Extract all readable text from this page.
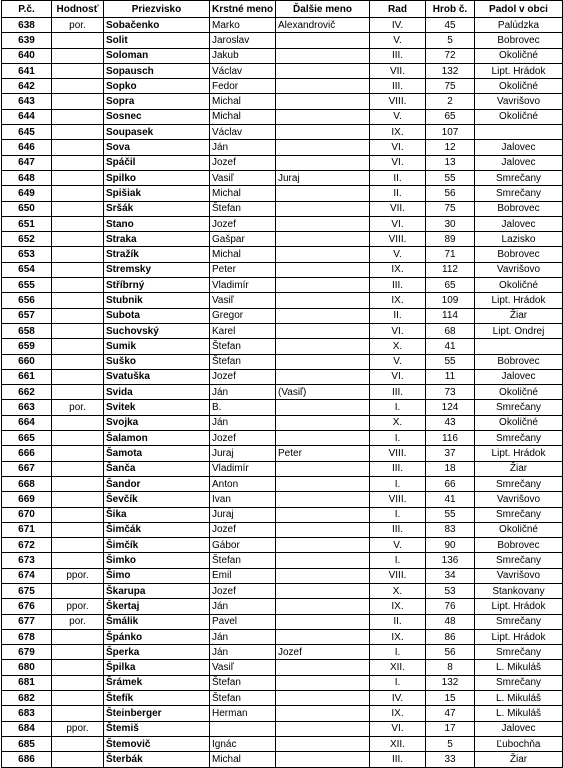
P.č.	Hodnosť	Priezvisko	Krstné meno	Ďalšie meno	Rad	Hrob č.	Padol v obci
638	por.	Sobačenko	Marko	Alexandrovič	IV.	45	Palúdzka
639		Solit	Jaroslav		V.	5	Bobrovec
640		Soloman	Jakub		III.	72	Okoličné
641		Sopausch	Václav		VII.	132	Lipt. Hrádok
642		Sopko	Fedor		III.	75	Okoličné
643		Sopra	Michal		VIII.	2	Vavrišovo
644		Sosnec	Michal		V.	65	Okoličné
645		Soupasek	Václav		IX.	107	
646		Sova	Ján		VI.	12	Jalovec
647		Spáčil	Jozef		VI.	13	Jalovec
648		Spilko	Vasiľ	Juraj	II.	55	Smrečany
649		Spišiak	Michal		II.	56	Smrečany
650		Sršák	Štefan		VII.	75	Bobrovec
651		Stano	Jozef		VI.	30	Jalovec
652		Straka	Gašpar		VIII.	89	Lazisko
653		Stražík	Michal		V.	71	Bobrovec
654		Stremsky	Peter		IX.	112	Vavrišovo
655		Stříbrný	Vladimír		III.	65	Okoličné
656		Stubnik	Vasiľ		IX.	109	Lipt. Hrádok
657		Subota	Gregor		II.	114	Žiar
658		Suchovský	Karel		VI.	68	Lipt. Ondrej
659		Sumik	Štefan		X.	41	
660		Suško	Štefan		V.	55	Bobrovec
661		Svatuška	Jozef		VI.	11	Jalovec
662		Svida	Ján	(Vasiľ)	III.	73	Okoličné
663	por.	Svitek	B.		I.	124	Smrečany
664		Svojka	Ján		X.	43	Okoličné
665		Šalamon	Jozef		I.	116	Smrečany
666		Šamota	Juraj	Peter	VIII.	37	Lipt. Hrádok
667		Šanča	Vladimír		III.	18	Žiar
668		Šandor	Anton		I.	66	Smrečany
669		Ševčík	Ivan		VIII.	41	Vavrišovo
670		Šika	Juraj		I.	55	Smrečany
671		Šimčák	Jozef		III.	83	Okoličné
672		Šimčík	Gábor		V.	90	Bobrovec
673		Šimko	Štefan		I.	136	Smrečany
674	ppor.	Šimo	Emil		VIII.	34	Vavrišovo
675		Škarupa	Jozef		X.	53	Stankovany
676	ppor.	Škertaj	Ján		IX.	76	Lipt. Hrádok
677	por.	Šmálik	Pavel		II.	48	Smrečany
678		Špánko	Ján		IX.	86	Lipt. Hrádok
679		Šperka	Ján	Jozef	I.	56	Smrečany
680		Špilka	Vasiľ		XII.	8	L. Mikuláš
681		Šrámek	Štefan		I.	132	Smrečany
682		Štefík	Štefan		IV.	15	L. Mikuláš
683		Šteinberger	Herman		IX.	47	L. Mikuláš
684	ppor.	Štemiš			VI.	17	Jalovec
685		Štemovič	Ignác		XII.	5	Ľubochňa
686		Šterbák	Michal		III.	33	Žiar
